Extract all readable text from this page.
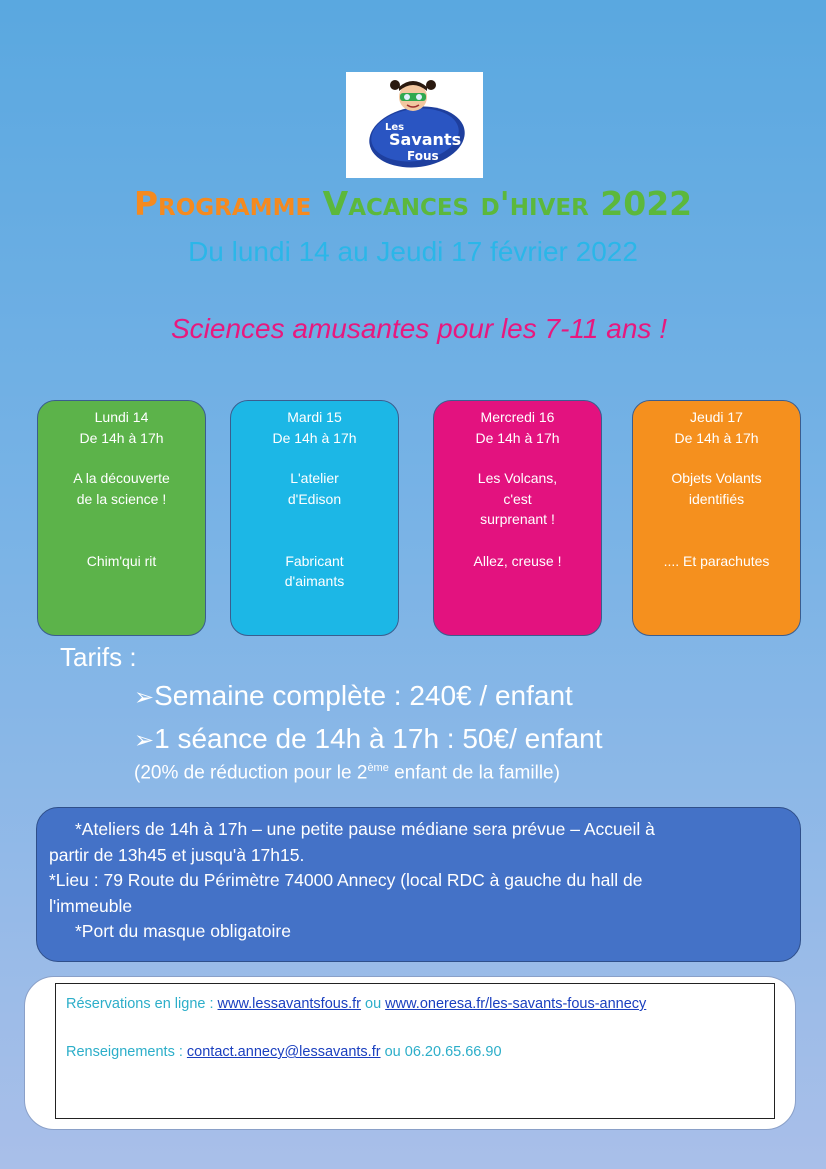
Les
Savants
Fous
Programme Vacances d'hiver 2022
Du lundi 14 au Jeudi 17 février 2022
Sciences amusantes pour les 7-11 ans !
Lundi 14
De 14h à 17h
A la découverte
de la science !
Chim'qui rit
Mardi 15
De 14h à 17h
L'atelier
d'Edison
Fabricant
d'aimants
Mercredi 16
De 14h à 17h
Les Volcans,
c'est
surprenant !
Allez, creuse !
Jeudi 17
De 14h à 17h
Objets Volants
identifiés
.... Et parachutes
Tarifs :
➢Semaine complète : 240€ / enfant
➢1 séance de 14h à 17h : 50€/ enfant
(20% de réduction pour le 2ème enfant de la famille)
*Ateliers de 14h à 17h – une petite pause médiane sera prévue – Accueil à
partir de 13h45 et jusqu'à 17h15.
*Lieu : 79 Route du Périmètre 74000 Annecy (local RDC à gauche du hall de
l'immeuble
*Port du masque obligatoire
Réservations en ligne : www.lessavantsfous.fr ou www.oneresa.fr/les-savants-fous-annecy
Renseignements : contact.annecy@lessavants.fr ou 06.20.65.66.90
